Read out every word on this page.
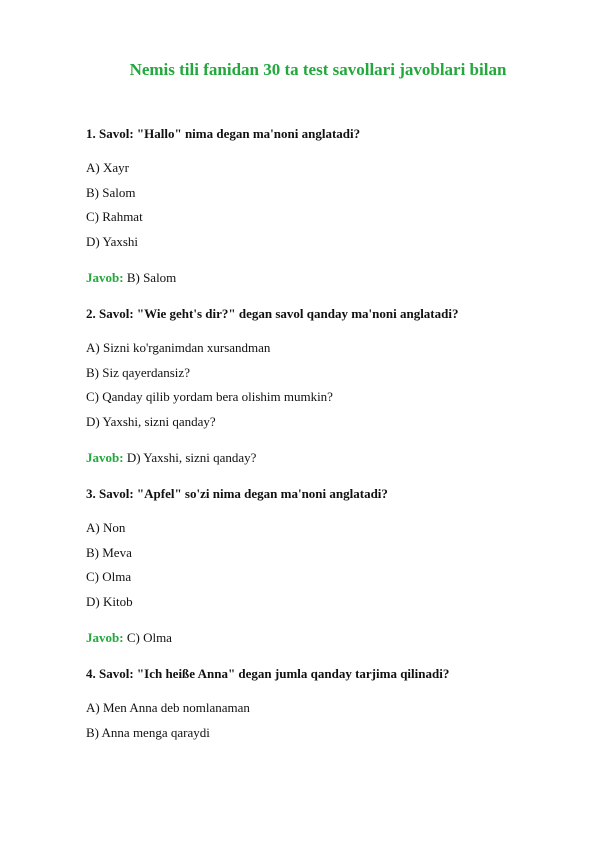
Nemis tili fanidan 30 ta test savollari javoblari bilan

1. Savol: "Hallo" nima degan ma'noni anglatadi?

A) Xayr
B) Salom
C) Rahmat
D) Yaxshi
Javob: B) Salom

2. Savol: "Wie geht's dir?" degan savol qanday ma'noni anglatadi?

A) Sizni ko'rganimdan xursandman
B) Siz qayerdansiz?
C) Qanday qilib yordam bera olishim mumkin?
D) Yaxshi, sizni qanday?
Javob: D) Yaxshi, sizni qanday?

3. Savol: "Apfel" so'zi nima degan ma'noni anglatadi?

A) Non
B) Meva
C) Olma
D) Kitob
Javob: C) Olma

4. Savol: "Ich heiße Anna" degan jumla qanday tarjima qilinadi?

A) Men Anna deb nomlanaman
B) Anna menga qaraydi
